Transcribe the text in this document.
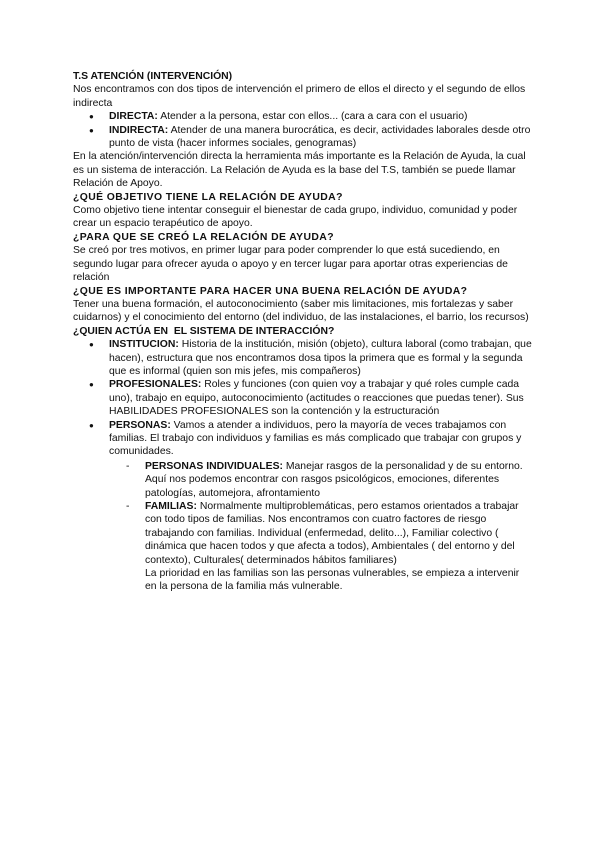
T.S ATENCIÓN (INTERVENCIÓN)

Nos encontramos con dos tipos de intervención el primero de ellos el directo y el segundo de ellos indirecta

● DIRECTA: Atender a la persona, estar con ellos... (cara a cara con el usuario)
● INDIRECTA: Atender de una manera burocrática, es decir, actividades laborales desde otro punto de vista (hacer informes sociales, genogramas)

En la atención/intervención directa la herramienta más importante es la Relación de Ayuda, la cual es un sistema de interacción. La Relación de Ayuda es la base del T.S, también se puede llamar Relación de Apoyo.

¿QUÉ OBJETIVO TIENE LA RELACIÓN DE AYUDA?

Como objetivo tiene intentar conseguir el bienestar de cada grupo, individuo, comunidad y poder crear un espacio terapéutico de apoyo.

¿PARA QUE SE CREÓ LA RELACIÓN DE AYUDA?

Se creó por tres motivos, en primer lugar para poder comprender lo que está sucediendo, en segundo lugar para ofrecer ayuda o apoyo y en tercer lugar para aportar otras experiencias de relación

¿QUE ES IMPORTANTE PARA HACER UNA BUENA RELACIÓN DE AYUDA?

Tener una buena formación, el autoconocimiento (saber mis limitaciones, mis fortalezas y saber cuidarnos) y el conocimiento del entorno (del individuo, de las instalaciones, el barrio, los recursos)

¿QUIEN ACTÚA EN  EL SISTEMA DE INTERACCIÓN?

● INSTITUCION: Historia de la institución, misión (objeto), cultura laboral (como trabajan, que hacen), estructura que nos encontramos dosa tipos la primera que es formal y la segunda que es informal (quien son mis jefes, mis compañeros)
● PROFESIONALES: Roles y funciones (con quien voy a trabajar y qué roles cumple cada uno), trabajo en equipo, autoconocimiento (actitudes o reacciones que puedas tener). Sus HABILIDADES PROFESIONALES son la contención y la estructuración
● PERSONAS: Vamos a atender a individuos, pero la mayoría de veces trabajamos con familias. El trabajo con individuos y familias es más complicado que trabajar con grupos y comunidades.
- PERSONAS INDIVIDUALES: Manejar rasgos de la personalidad y de su entorno. Aquí nos podemos encontrar con rasgos psicológicos, emociones, diferentes patologías, automejora, afrontamiento
- FAMILIAS: Normalmente multiproblemáticas, pero estamos orientados a trabajar con todo tipos de familias. Nos encontramos con cuatro factores de riesgo trabajando con familias. Individual (enfermedad, delito...), Familiar colectivo ( dinámica que hacen todos y que afecta a todos), Ambientales ( del entorno y del contexto), Culturales( determinados hábitos familiares)

La prioridad en las familias son las personas vulnerables, se empieza a intervenir en la persona de la familia más vulnerable.
